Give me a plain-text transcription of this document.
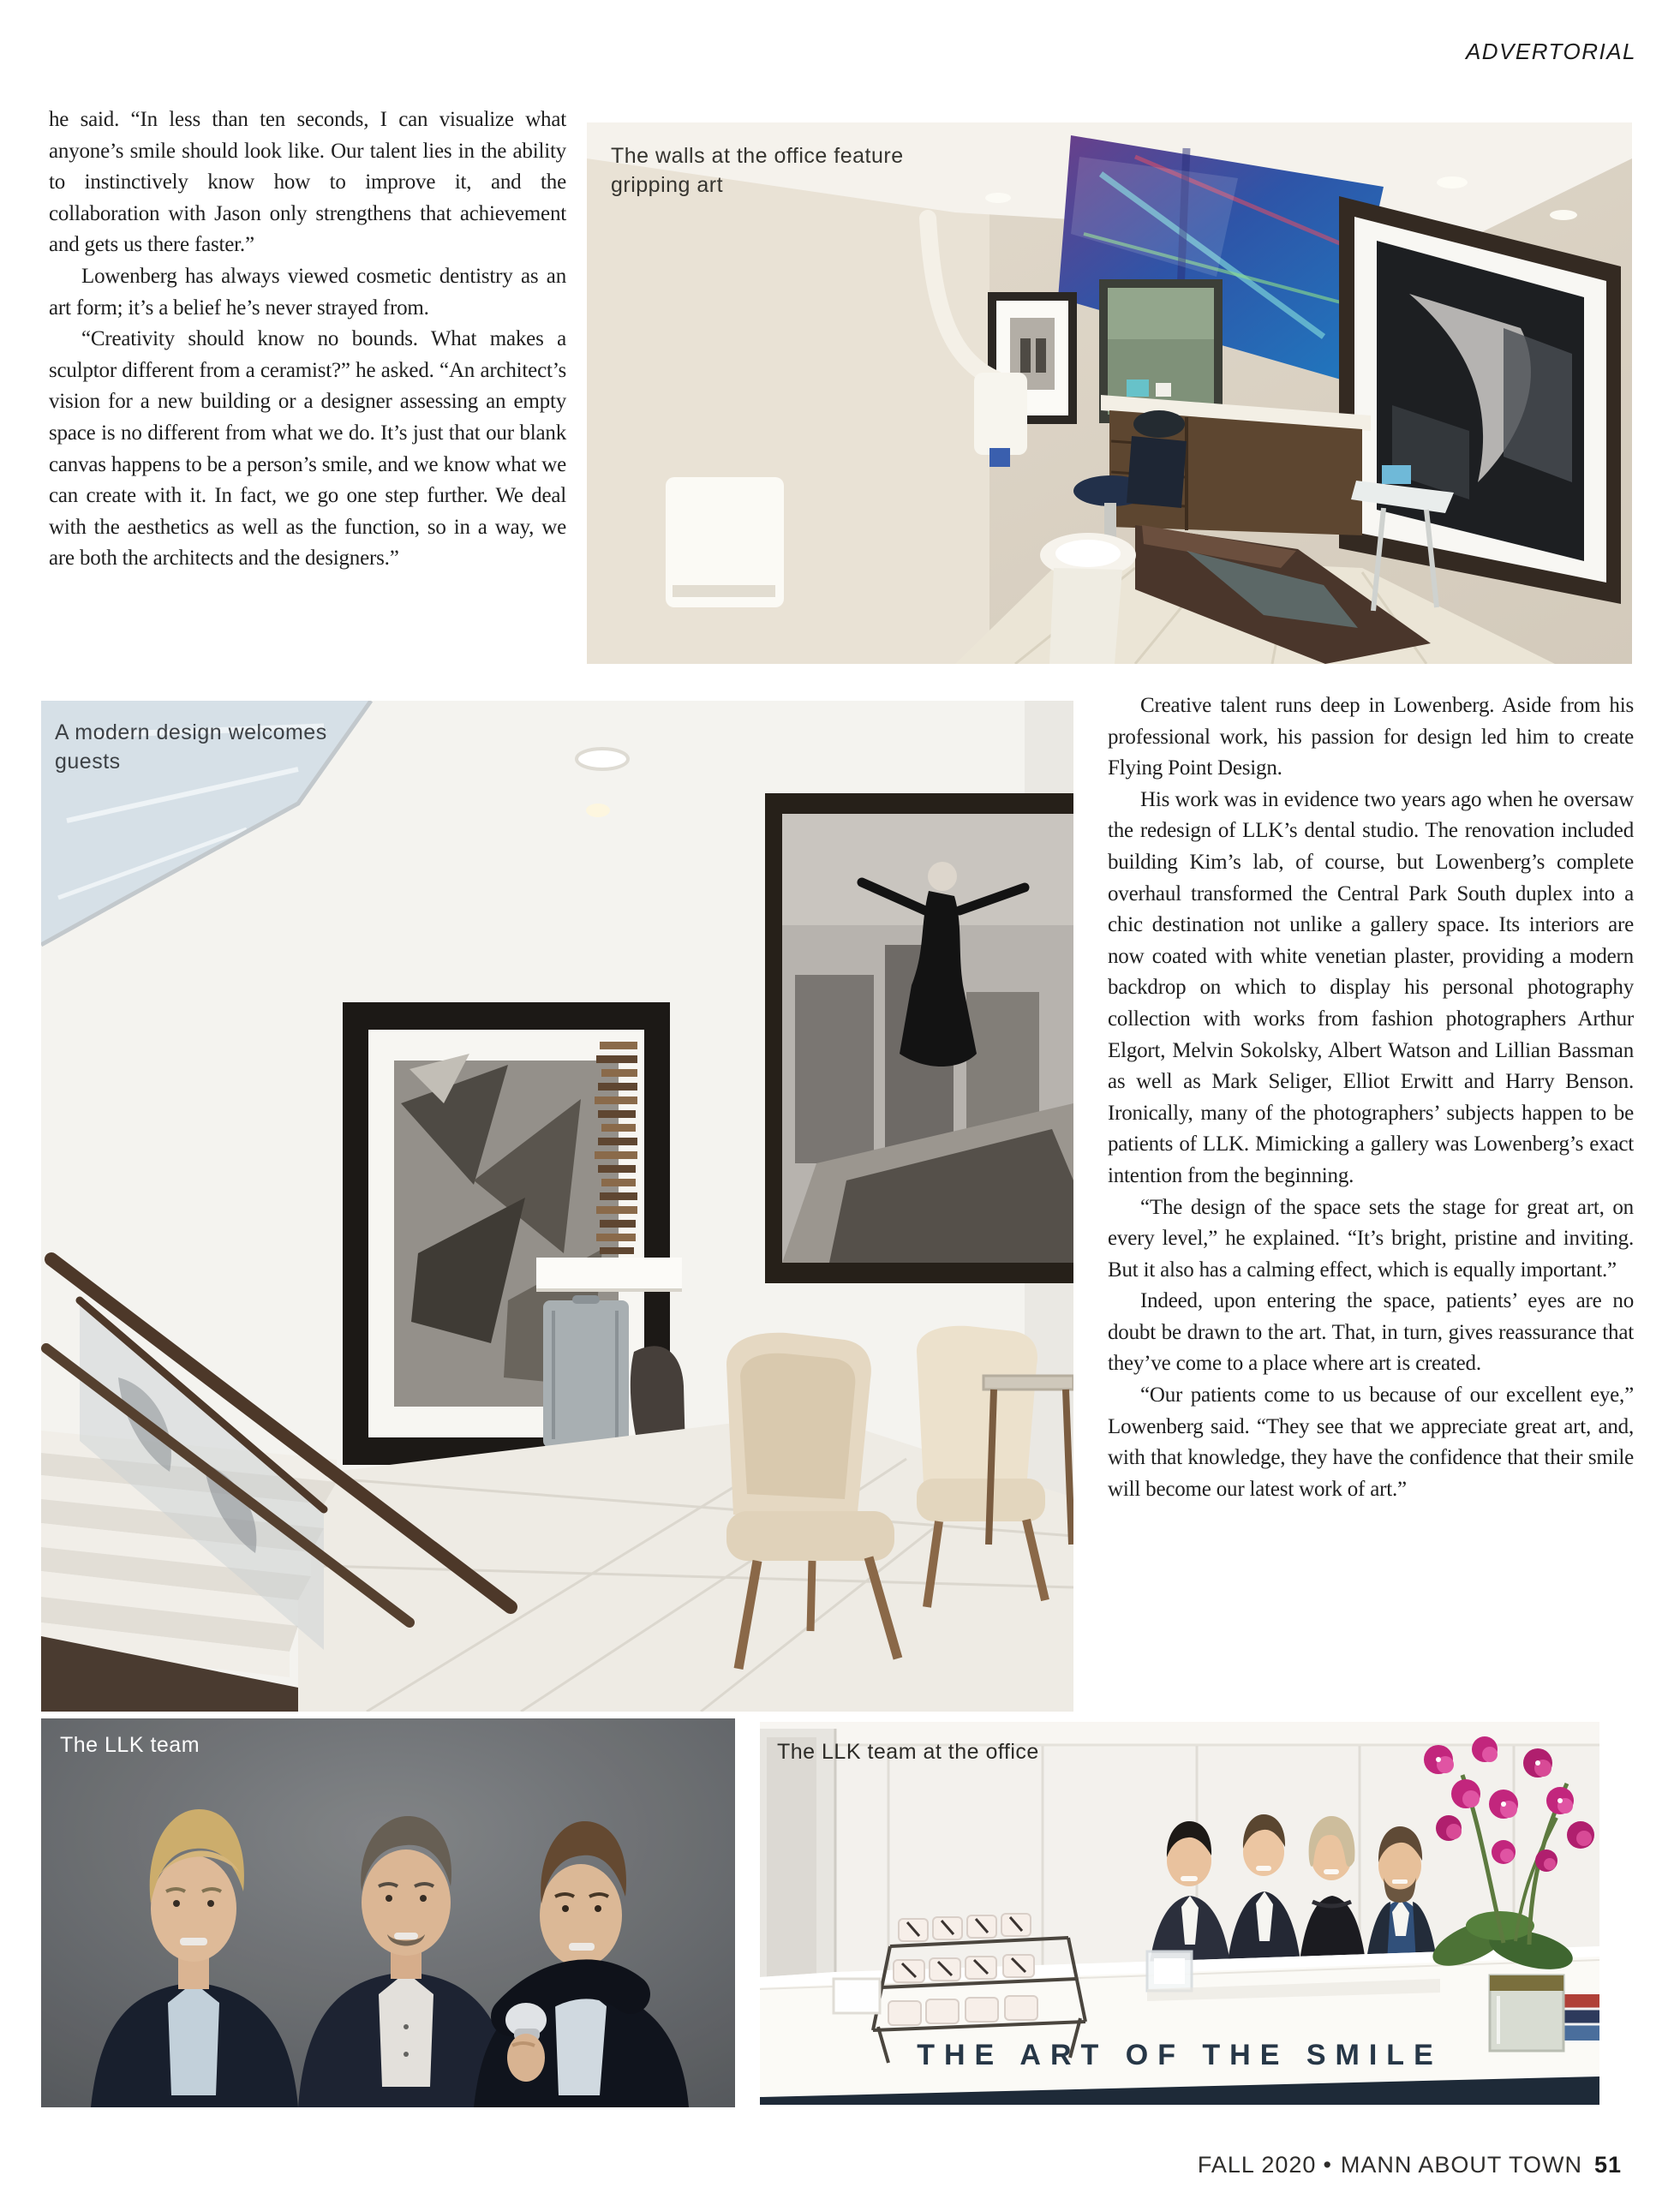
ADVERTORIAL

he said. “In less than ten seconds, I can visualize what anyone’s smile should look like. Our talent lies in the ability to instinctively know how to improve it, and the collaboration with Jason only strengthens that achievement and gets us there faster.”

Lowenberg has always viewed cosmetic dentistry as an art form; it’s a belief he’s never strayed from.

“Creativity should know no bounds. What makes a sculptor different from a ceramist?” he asked. “An architect’s vision for a new building or a designer assessing an empty space is no different from what we do. It’s just that our blank canvas happens to be a person’s smile, and we know what we can create with it. In fact, we go one step further. We deal with the aesthetics as well as the function, so in a way, we are both the architects and the designers.”

Creative talent runs deep in Lowenberg. Aside from his professional work, his passion for design led him to create Flying Point Design.

His work was in evidence two years ago when he oversaw the redesign of LLK’s dental studio. The renovation included building Kim’s lab, of course, but Lowenberg’s complete overhaul transformed the Central Park South duplex into a chic destination not unlike a gallery space. Its interiors are now coated with white venetian plaster, providing a modern backdrop on which to display his personal photography collection with works from fashion photographers Arthur Elgort, Melvin Sokolsky, Albert Watson and Lillian Bassman as well as Mark Seliger, Elliot Erwitt and Harry Benson. Ironically, many of the photographers’ subjects happen to be patients of LLK. Mimicking a gallery was Lowenberg’s exact intention from the beginning.

“The design of the space sets the stage for great art, on every level,” he explained. “It’s bright, pristine and inviting. But it also has a calming effect, which is equally important.”

Indeed, upon entering the space, patients’ eyes are no doubt be drawn to the art. That, in turn, gives reassurance that they’ve come to a place where art is created.

“Our patients come to us because of our excellent eye,” Lowenberg said. “They see that we appreciate great art, and, with that knowledge, they have the confidence that their smile will become our latest work of art.”

The walls at the office feature gripping art
A modern design welcomes guests
The LLK team
THE ART OF THE SMILE
The LLK team at the office
FALL 2020 • MANN ABOUT TOWN 51
